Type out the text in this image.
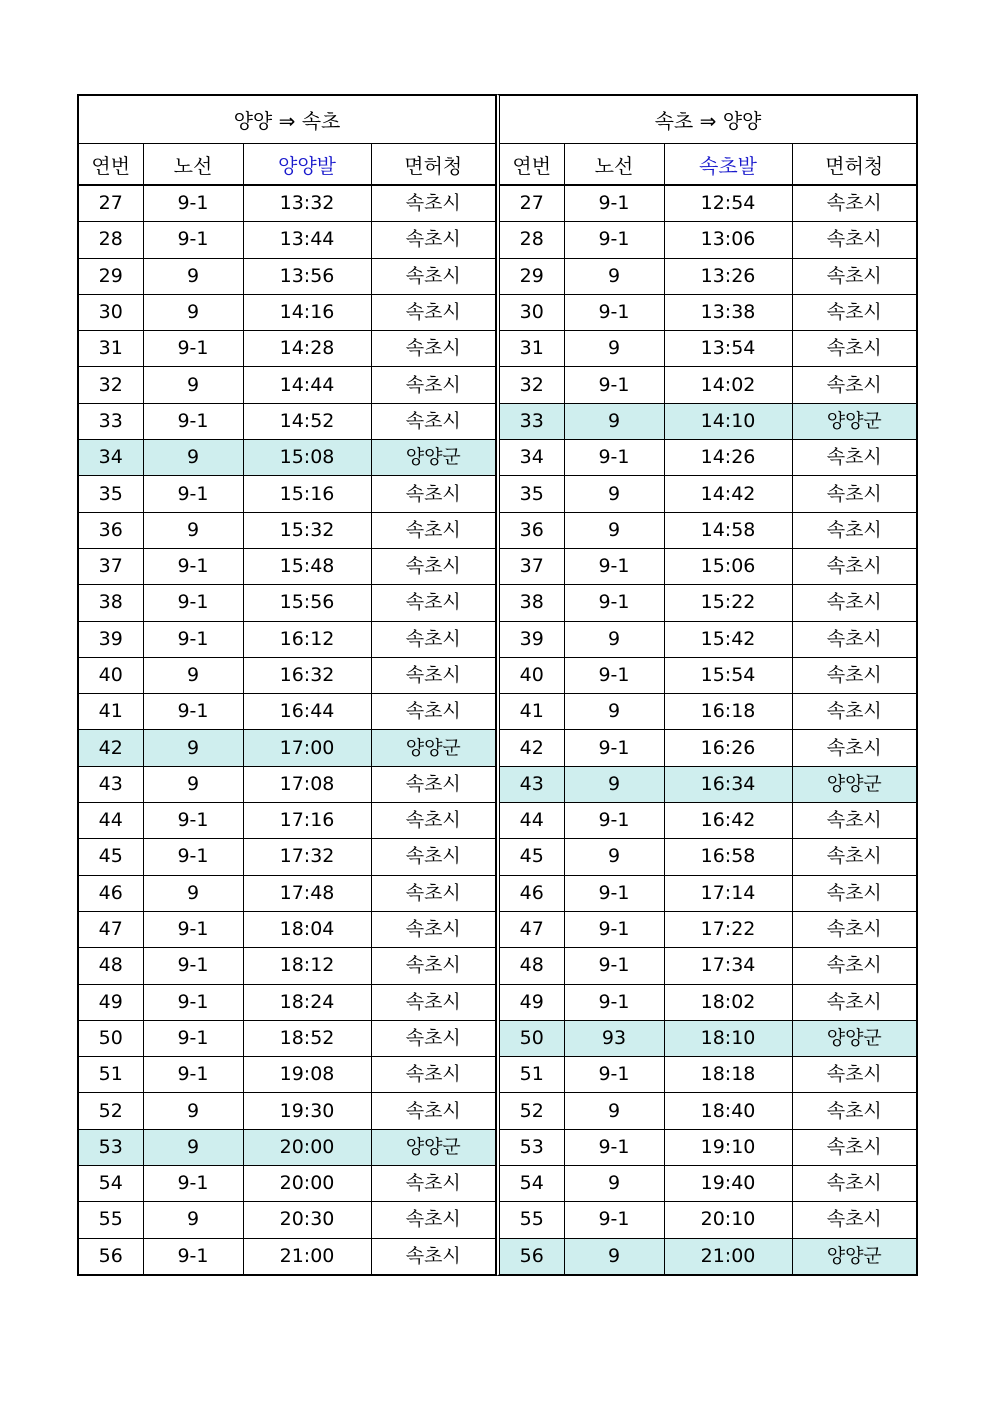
양양 ⇒ 속초			
연번	노선	양양발	면허청
27	9-1	13:32	속초시
28	9-1	13:44	속초시
29	9	13:56	속초시
30	9	14:16	속초시
31	9-1	14:28	속초시
32	9	14:44	속초시
33	9-1	14:52	속초시
34	9	15:08	양양군
35	9-1	15:16	속초시
36	9	15:32	속초시
37	9-1	15:48	속초시
38	9-1	15:56	속초시
39	9-1	16:12	속초시
40	9	16:32	속초시
41	9-1	16:44	속초시
42	9	17:00	양양군
43	9	17:08	속초시
44	9-1	17:16	속초시
45	9-1	17:32	속초시
46	9	17:48	속초시
47	9-1	18:04	속초시
48	9-1	18:12	속초시
49	9-1	18:24	속초시
50	9-1	18:52	속초시
51	9-1	19:08	속초시
52	9	19:30	속초시
53	9	20:00	양양군
54	9-1	20:00	속초시
55	9	20:30	속초시
56	9-1	21:00	속초시
속초 ⇒ 양양			
연번	노선	속초발	면허청
27	9-1	12:54	속초시
28	9-1	13:06	속초시
29	9	13:26	속초시
30	9-1	13:38	속초시
31	9	13:54	속초시
32	9-1	14:02	속초시
33	9	14:10	양양군
34	9-1	14:26	속초시
35	9	14:42	속초시
36	9	14:58	속초시
37	9-1	15:06	속초시
38	9-1	15:22	속초시
39	9	15:42	속초시
40	9-1	15:54	속초시
41	9	16:18	속초시
42	9-1	16:26	속초시
43	9	16:34	양양군
44	9-1	16:42	속초시
45	9	16:58	속초시
46	9-1	17:14	속초시
47	9-1	17:22	속초시
48	9-1	17:34	속초시
49	9-1	18:02	속초시
50	93	18:10	양양군
51	9-1	18:18	속초시
52	9	18:40	속초시
53	9-1	19:10	속초시
54	9	19:40	속초시
55	9-1	20:10	속초시
56	9	21:00	양양군
